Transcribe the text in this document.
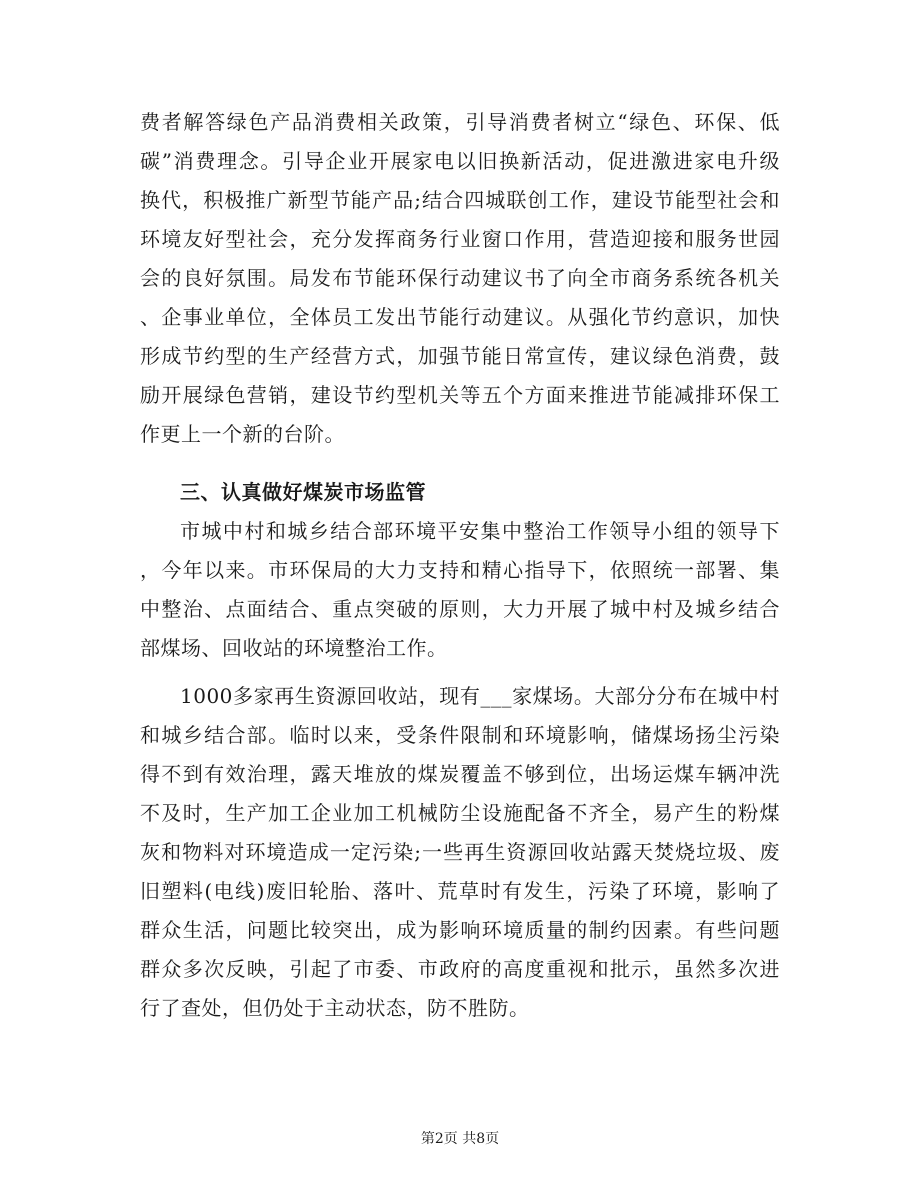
费者解答绿色产品消费相关政策，引导消费者树立“绿色、环保、低
碳”消费理念。引导企业开展家电以旧换新活动，促进激进家电升级
换代，积极推广新型节能产品;结合四城联创工作，建设节能型社会和
环境友好型社会，充分发挥商务行业窗口作用，营造迎接和服务世园
会的良好氛围。局发布节能环保行动建议书了向全市商务系统各机关
、企事业单位，全体员工发出节能行动建议。从强化节约意识，加快
形成节约型的生产经营方式，加强节能日常宣传，建议绿色消费，鼓
励开展绿色营销，建设节约型机关等五个方面来推进节能减排环保工
作更上一个新的台阶。
三、认真做好煤炭市场监管
市城中村和城乡结合部环境平安集中整治工作领导小组的领导下
，今年以来。市环保局的大力支持和精心指导下，依照统一部署、集
中整治、点面结合、重点突破的原则，大力开展了城中村及城乡结合
部煤场、回收站的环境整治工作。
1000多家再生资源回收站，现有___家煤场。大部分分布在城中村
和城乡结合部。临时以来，受条件限制和环境影响，储煤场扬尘污染
得不到有效治理，露天堆放的煤炭覆盖不够到位，出场运煤车辆冲洗
不及时，生产加工企业加工机械防尘设施配备不齐全，易产生的粉煤
灰和物料对环境造成一定污染;一些再生资源回收站露天焚烧垃圾、废
旧塑料(电线)废旧轮胎、落叶、荒草时有发生，污染了环境，影响了
群众生活，问题比较突出，成为影响环境质量的制约因素。有些问题
群众多次反映，引起了市委、市政府的高度重视和批示，虽然多次进
行了查处，但仍处于主动状态，防不胜防。
第2页 共8页
